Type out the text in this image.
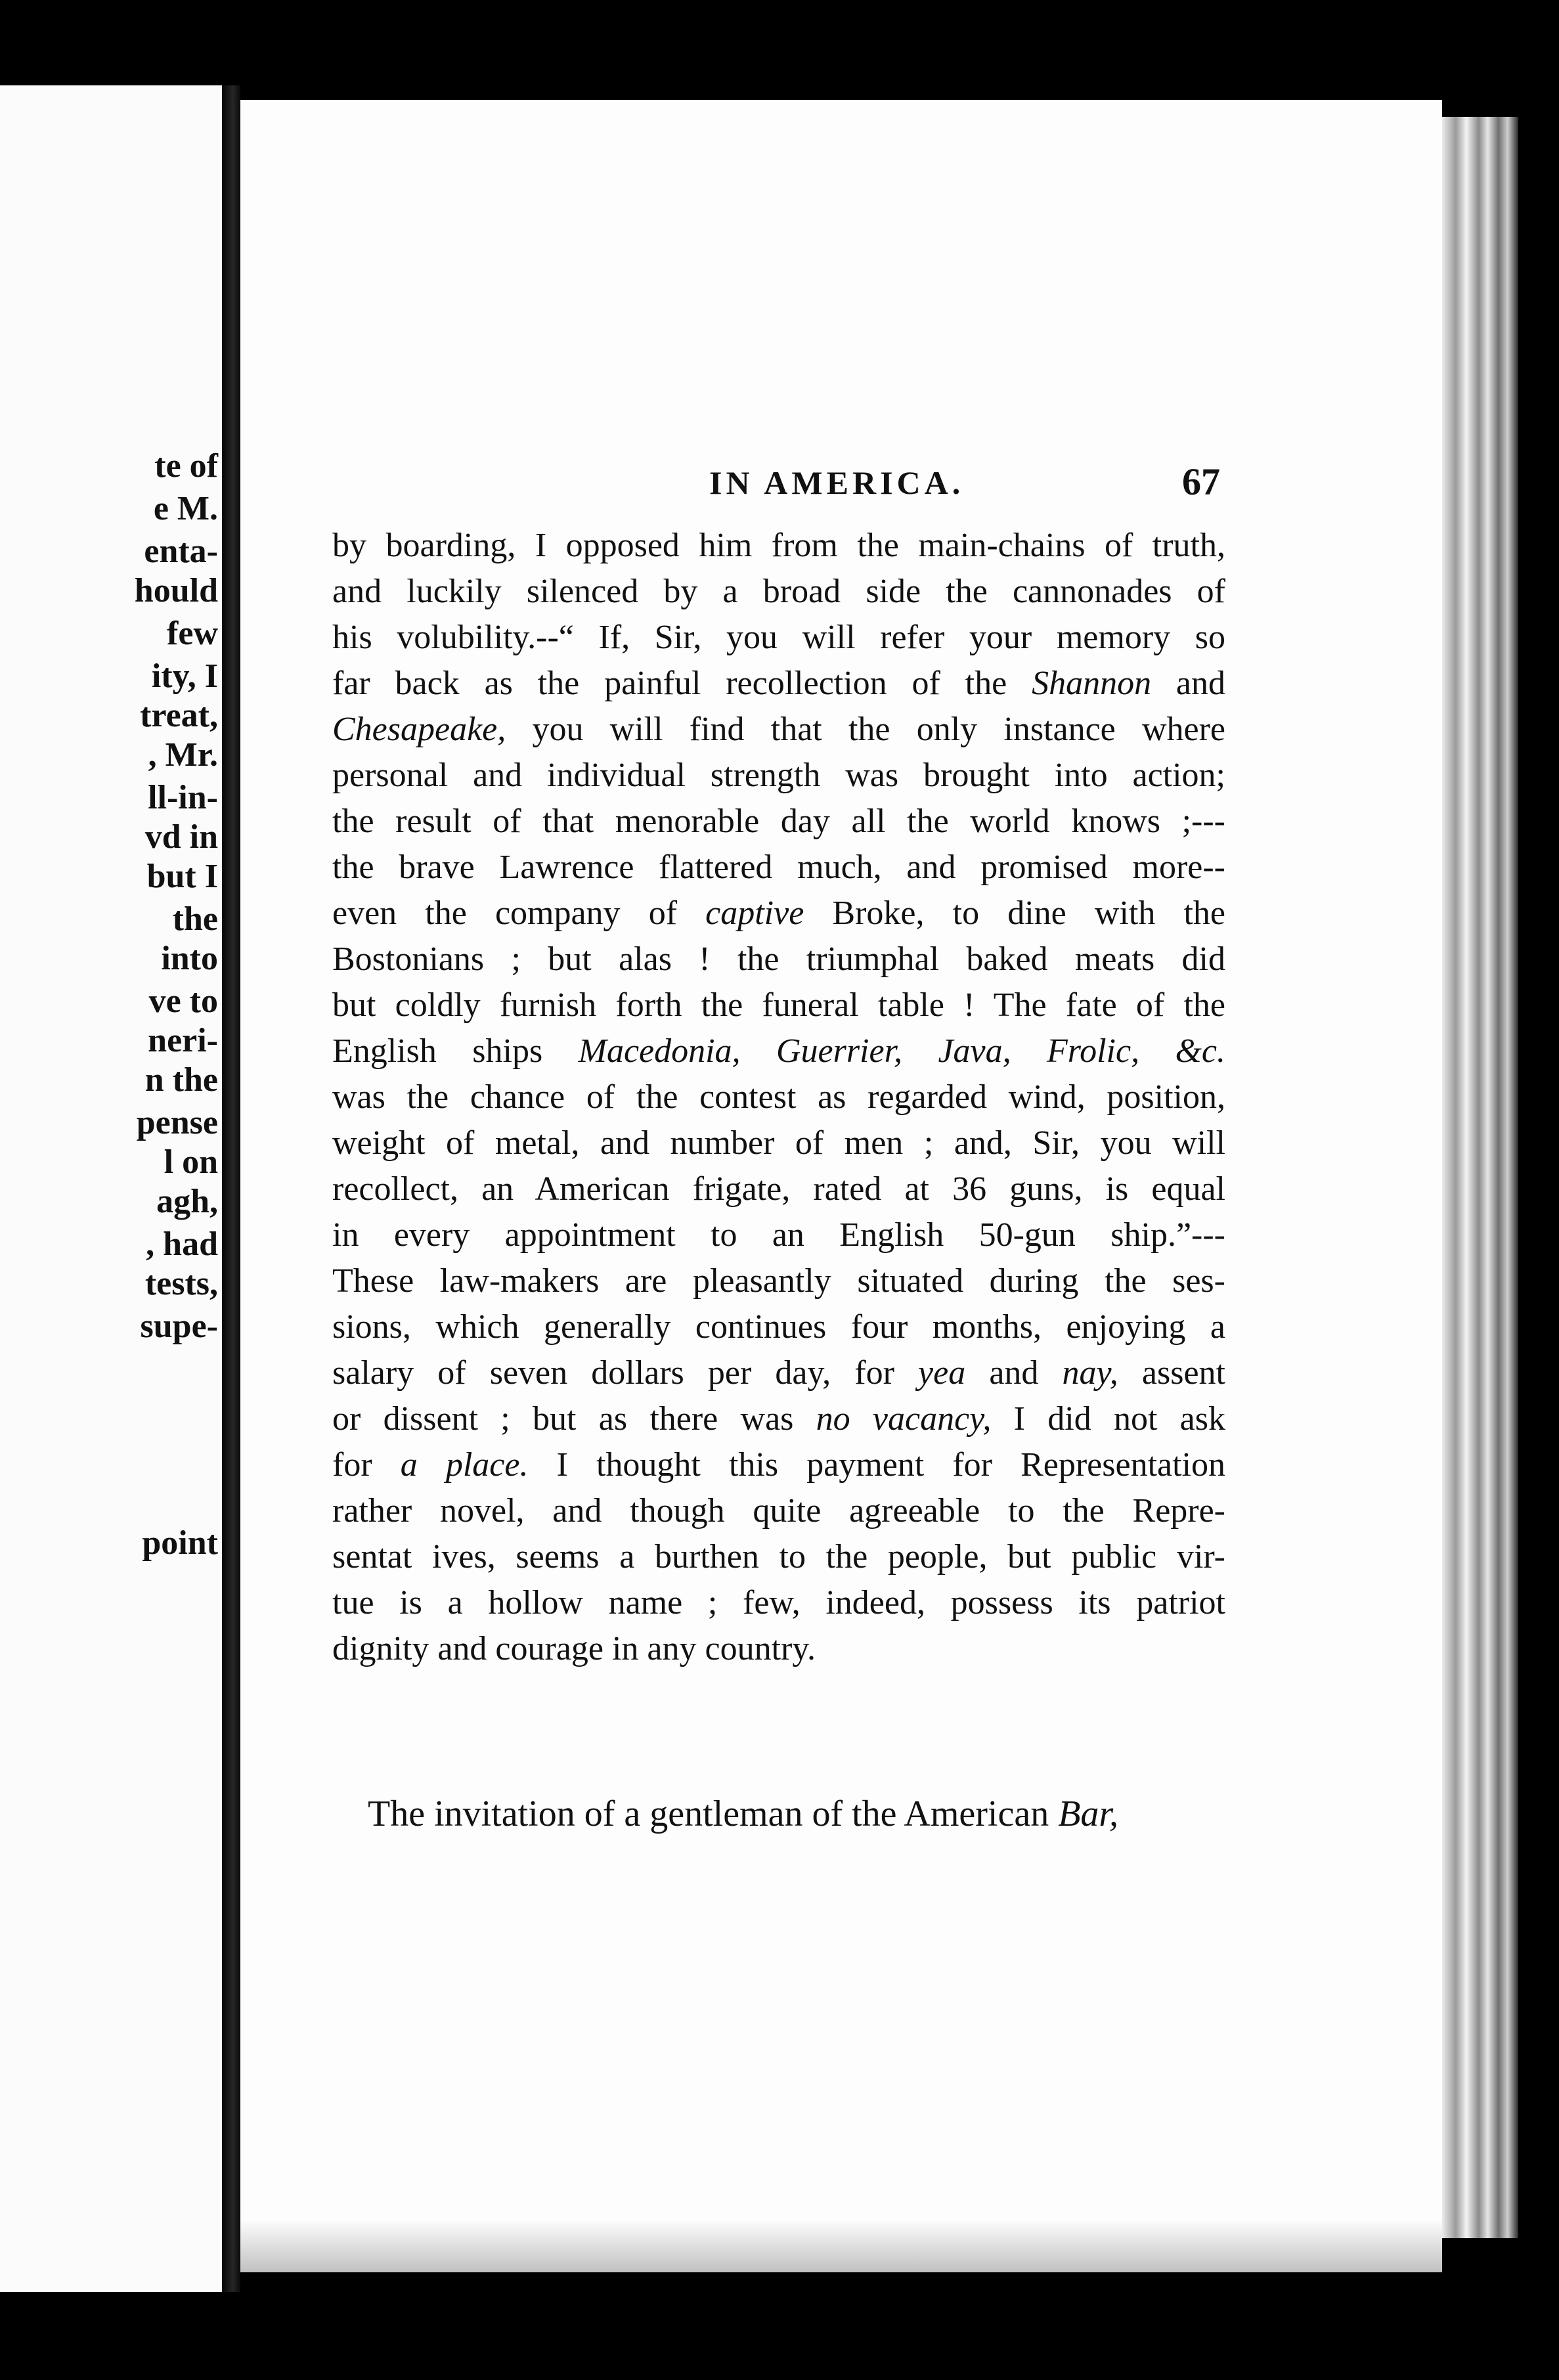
te of
e M.
enta-
hould
few
ity, I
treat,
, Mr.
ll-in-
vd in
but I
the
into
ve to
neri-
n the
pense
l on
agh,
, had
tests,
supe-
point
IN AMERICA.	67
by boarding, I opposed him from the main-chains of truth,
and luckily silenced by a broad side the cannonades of
his volubility.--“ If, Sir, you will refer your memory so
far back as the painful recollection of the Shannon and
Chesapeake, you will find that the only instance where
personal and individual strength was brought into action;
the result of that menorable day all the world knows ;---
the brave Lawrence flattered much, and promised more--
even the company of captive Broke, to dine with the
Bostonians ; but alas ! the triumphal baked meats did
but coldly furnish forth the funeral table ! The fate of the
English ships Macedonia, Guerrier, Java, Frolic, &c.
was the chance of the contest as regarded wind, position,
weight of metal, and number of men ; and, Sir, you will
recollect, an American frigate, rated at 36 guns, is equal
in every appointment to an English 50-gun ship.”---
These law-makers are pleasantly situated during the ses-
sions, which generally continues four months, enjoying a
salary of seven dollars per day, for yea and nay, assent
or dissent ; but as there was no vacancy, I did not ask
for a place. I thought this payment for Representation
rather novel, and though quite agreeable to the Repre-
sentat ives, seems a burthen to the people, but public vir-
tue is a hollow name ; few, indeed, possess its patriot
dignity and courage in any country.
The invitation of a gentleman of the American Bar,
